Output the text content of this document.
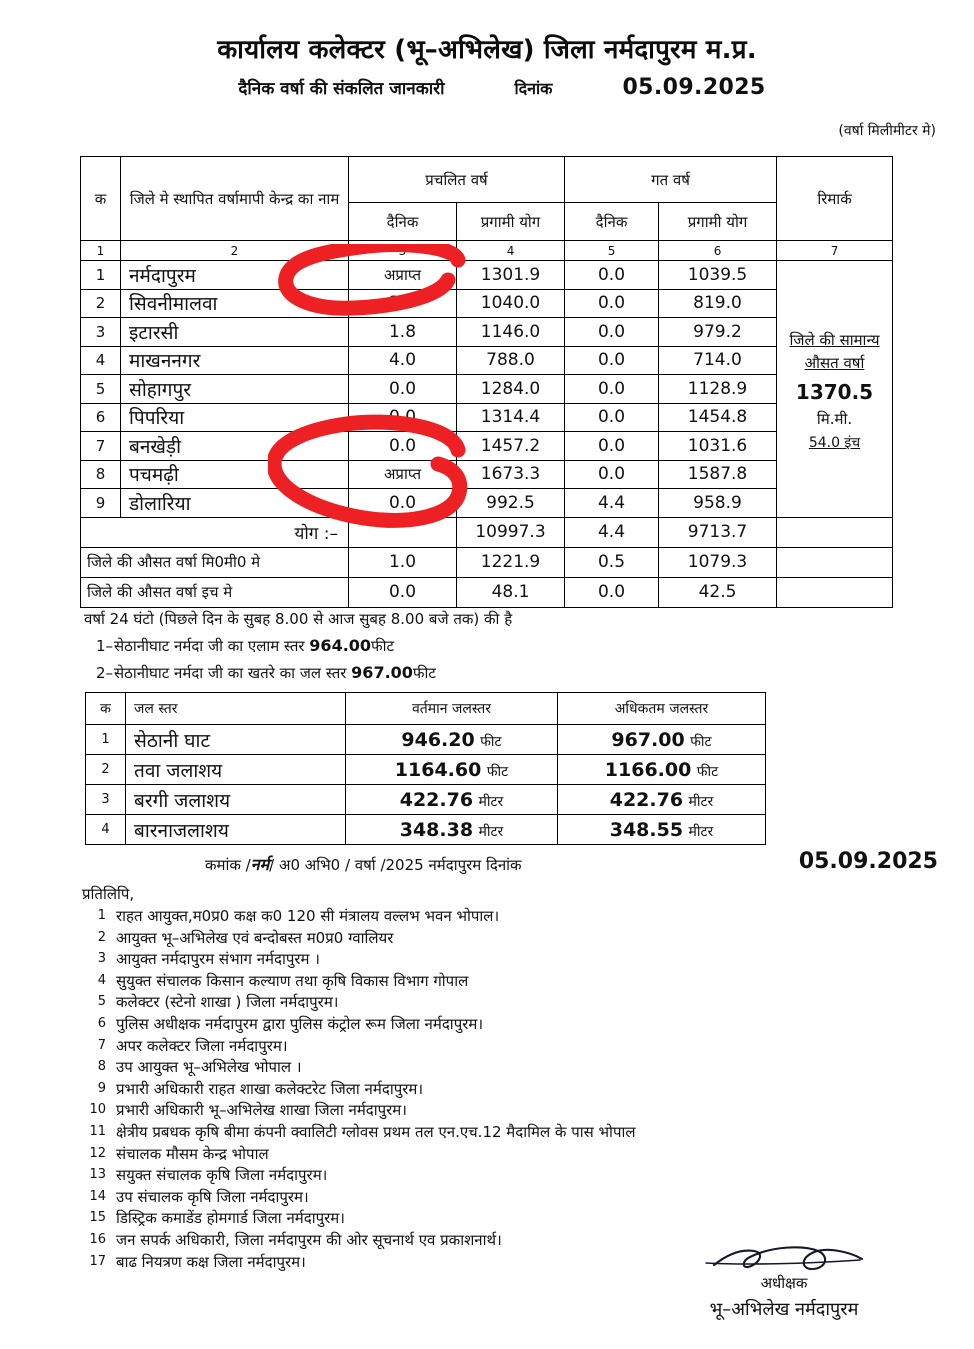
कार्यालय कलेक्टर (भू–अभिलेख) जिला नर्मदापुरम म.प्र.
दैनिक वर्षा की संकलित जानकारी	दिनांक	05.09.2025
(वर्षा मिलीमीटर मे)
क	जिले मे स्थापित वर्षामापी केन्द्र का नाम	प्रचलित वर्ष		गत वर्ष		रिमार्क
		दैनिक	प्रगामी योग	दैनिक	प्रगामी योग	
1	2	3	4	5	6	7
1	नर्मदापुरम	अप्राप्त	1301.9	0.0	1039.5	जिले की सामान्य
औसत वर्षा
1370.5 मि.मी.
54.0 इंच

2	सिवनीमालवा	3.0	1040.0	0.0	819.0	
3	इटारसी	1.8	1146.0	0.0	979.2	
4	माखननगर	4.0	788.0	0.0	714.0	
5	सोहागपुर	0.0	1284.0	0.0	1128.9	
6	पिपरिया	0.0	1314.4	0.0	1454.8	
7	बनखेड़ी	0.0	1457.2	0.0	1031.6	
8	पचमढ़ी	अप्राप्त	1673.3	0.0	1587.8	
9	डोलारिया	0.0	992.5	4.4	958.9	
योग :–			10997.3	4.4	9713.7	
जिले की औसत वर्षा मि0मी0 मे		1.0	1221.9	0.5	1079.3	
जिले की औसत वर्षा इच मे		0.0	48.1	0.0	42.5	
वर्षा 24 घंटो (पिछले दिन के सुबह 8.00 से आज सुबह 8.00 बजे तक) की है
1–सेठानीघाट नर्मदा जी का एलाम स्तर 964.00फीट
2–सेठानीघाट नर्मदा जी का खतरे का जल स्तर 967.00फीट
क	जल स्तर	वर्तमान जलस्तर	अधिकतम जलस्तर
1	सेठानी घाट	946.20 फीट	967.00 फीट
2	तवा जलाशय	1164.60 फीट	1166.00 फीट
3	बरगी जलाशय	422.76 मीटर	422.76 मीटर
4	बारनाजलाशय	348.38 मीटर	348.55 मीटर
कमांक / नर्म / अ0 अभि0 / वर्षा /2025 नर्मदापुरम दिनांक	05.09.2025
प्रतिलिपि,
1 राहत आयुक्त,म0प्र0 कक्ष क0 120 सी मंत्रालय वल्लभ भवन भोपाल।
2 आयुक्त भू–अभिलेख एवं बन्दोबस्त म0प्र0 ग्वालियर
3 आयुक्त नर्मदापुरम संभाग नर्मदापुरम ।
4 सुयुक्त संचालक किसान कल्याण तथा कृषि विकास विभाग गोपाल
5 कलेक्टर (स्टेनो शाखा ) जिला नर्मदापुरम।
6 पुलिस अधीक्षक नर्मदापुरम द्वारा पुलिस कंट्रोल रूम जिला नर्मदापुरम।
7 अपर कलेक्टर जिला नर्मदापुरम।
8 उप आयुक्त भू–अभिलेख भोपाल ।
9 प्रभारी अधिकारी राहत शाखा कलेक्टरेट जिला नर्मदापुरम।
10 प्रभारी अधिकारी भू–अभिलेख शाखा जिला नर्मदापुरम।
11 क्षेत्रीय प्रबधक कृषि बीमा कंपनी क्वालिटी ग्लोवस प्रथम तल एन.एच.12 मैदामिल के पास भोपाल
12 संचालक मौसम केन्द्र भोपाल
13 सयुक्त संचालक कृषि जिला नर्मदापुरम।
14 उप संचालक कृषि जिला नर्मदापुरम।
15 डिस्ट्रिक कमाडेंड होमगार्ड जिला नर्मदापुरम।
16 जन सपर्क अधिकारी, जिला नर्मदापुरम की ओर सूचनार्थ एव प्रकाशनार्थ।
17 बाढ नियत्रण कक्ष जिला नर्मदापुरम।
अधीक्षक
भू–अभिलेख नर्मदापुरम
